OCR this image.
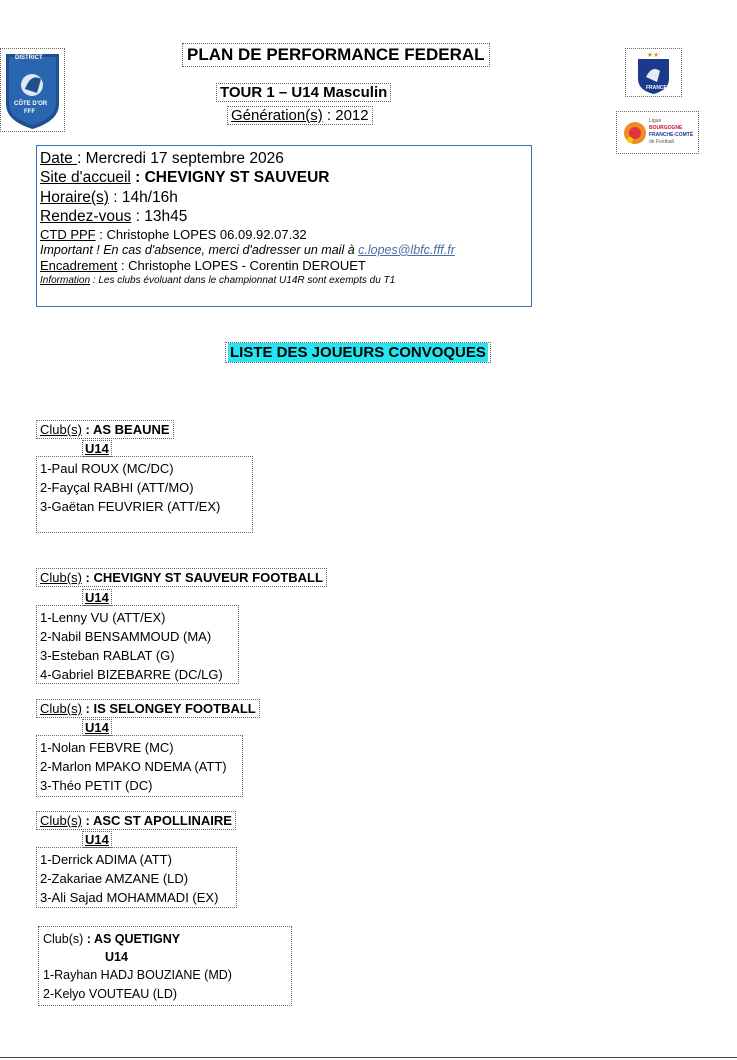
DISTRICT
CÔTE D'OR
FFF
★★
FRANCE
Ligue
BOURGOGNE
FRANCHE-COMTÉ
de Football
PLAN DE PERFORMANCE FEDERAL
TOUR 1 – U14 Masculin
Génération(s) : 2012
Date : Mercredi 17 septembre 2026
Site d'accueil : CHEVIGNY ST SAUVEUR
Horaire(s) : 14h/16h
Rendez-vous : 13h45
CTD PPF : Christophe LOPES 06.09.92.07.32
Important ! En cas d'absence, merci d'adresser un mail à c.lopes@lbfc.fff.fr
Encadrement : Christophe LOPES - Corentin DEROUET
Information : Les clubs évoluant dans le championnat U14R sont exempts du T1
LISTE DES JOUEURS CONVOQUES
Club(s) : AS BEAUNE
U14
1-Paul ROUX (MC/DC)
2-Fayçal RABHI (ATT/MO)
3-Gaëtan FEUVRIER (ATT/EX)
Club(s) : CHEVIGNY ST SAUVEUR FOOTBALL
U14
1-Lenny VU (ATT/EX)
2-Nabil BENSAMMOUD (MA)
3-Esteban RABLAT (G)
4-Gabriel BIZEBARRE (DC/LG)
Club(s) : IS SELONGEY FOOTBALL
U14
1-Nolan FEBVRE (MC)
2-Marlon MPAKO NDEMA (ATT)
3-Théo PETIT (DC)
Club(s) : ASC ST APOLLINAIRE
U14
1-Derrick ADIMA (ATT)
2-Zakariae AMZANE (LD)
3-Ali Sajad MOHAMMADI (EX)
Club(s) : AS QUETIGNY
U14
1-Rayhan HADJ BOUZIANE (MD)
2-Kelyo VOUTEAU (LD)
